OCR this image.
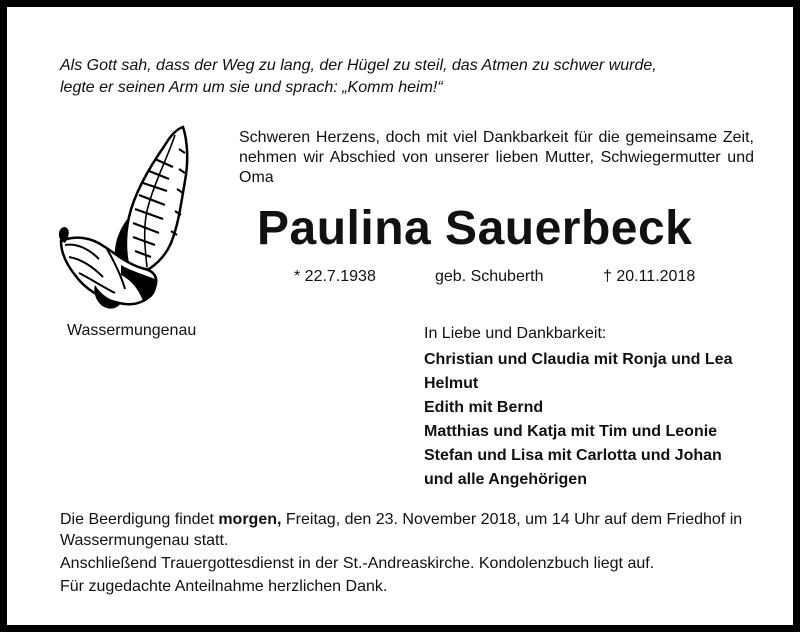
Als Gott sah, dass der Weg zu lang, der Hügel zu steil, das Atmen zu schwer wurde,
legte er seinen Arm um sie und sprach: „Komm heim!“
Schweren Herzens, doch mit viel Dankbarkeit für die gemeinsame Zeit, nehmen wir Abschied von unserer lieben Mutter, Schwiegermutter und Oma
Paulina Sauerbeck
* 22.7.1938	geb. Schuberth	† 20.11.2018
Wassermungenau	In Liebe und Dankbarkeit:
Christian und Claudia mit Ronja und Lea
Helmut
Edith mit Bernd
Matthias und Katja mit Tim und Leonie
Stefan und Lisa mit Carlotta und Johan
und alle Angehörigen

Die Beerdigung findet morgen, Freitag, den 23. November 2018, um 14 Uhr auf dem Friedhof in Wassermungenau statt.

Anschließend Trauergottesdienst in der St.-Andreaskirche. Kondolenzbuch liegt auf.

Für zugedachte Anteilnahme herzlichen Dank.
